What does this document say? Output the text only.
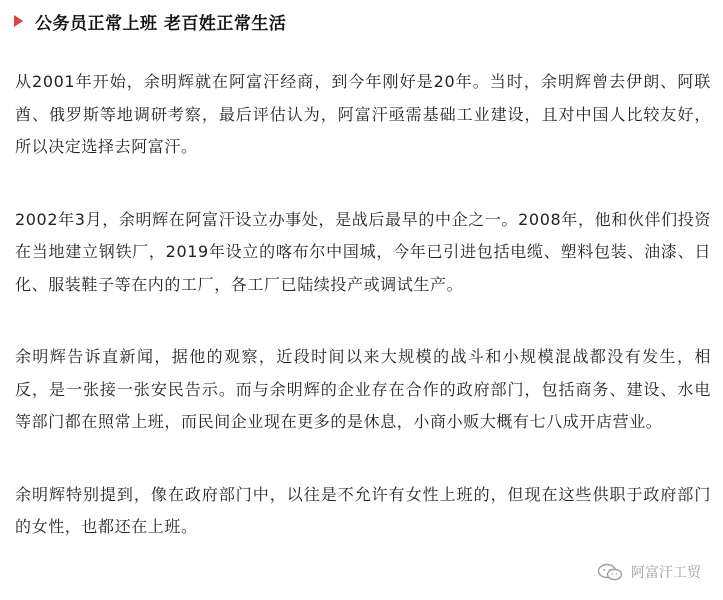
公务员正常上班 老百姓正常生活

从2001年开始，余明辉就在阿富汗经商，到今年刚好是20年。当时，余明辉曾去伊朗、阿联酋、俄罗斯等地调研考察，最后评估认为，阿富汗亟需基础工业建设，且对中国人比较友好，所以决定选择去阿富汗。

2002年3月，余明辉在阿富汗设立办事处，是战后最早的中企之一。2008年，他和伙伴们投资在当地建立钢铁厂，2019年设立的喀布尔中国城，今年已引进包括电缆、塑料包装、油漆、日化、服装鞋子等在内的工厂，各工厂已陆续投产或调试生产。

余明辉告诉直新闻，据他的观察，近段时间以来大规模的战斗和小规模混战都没有发生，相反，是一张接一张安民告示。而与余明辉的企业存在合作的政府部门，包括商务、建设、水电等部门都在照常上班，而民间企业现在更多的是休息，小商小贩大概有七八成开店营业。

余明辉特别提到，像在政府部门中，以往是不允许有女性上班的，但现在这些供职于政府部门的女性，也都还在上班。

阿富汗工贸
